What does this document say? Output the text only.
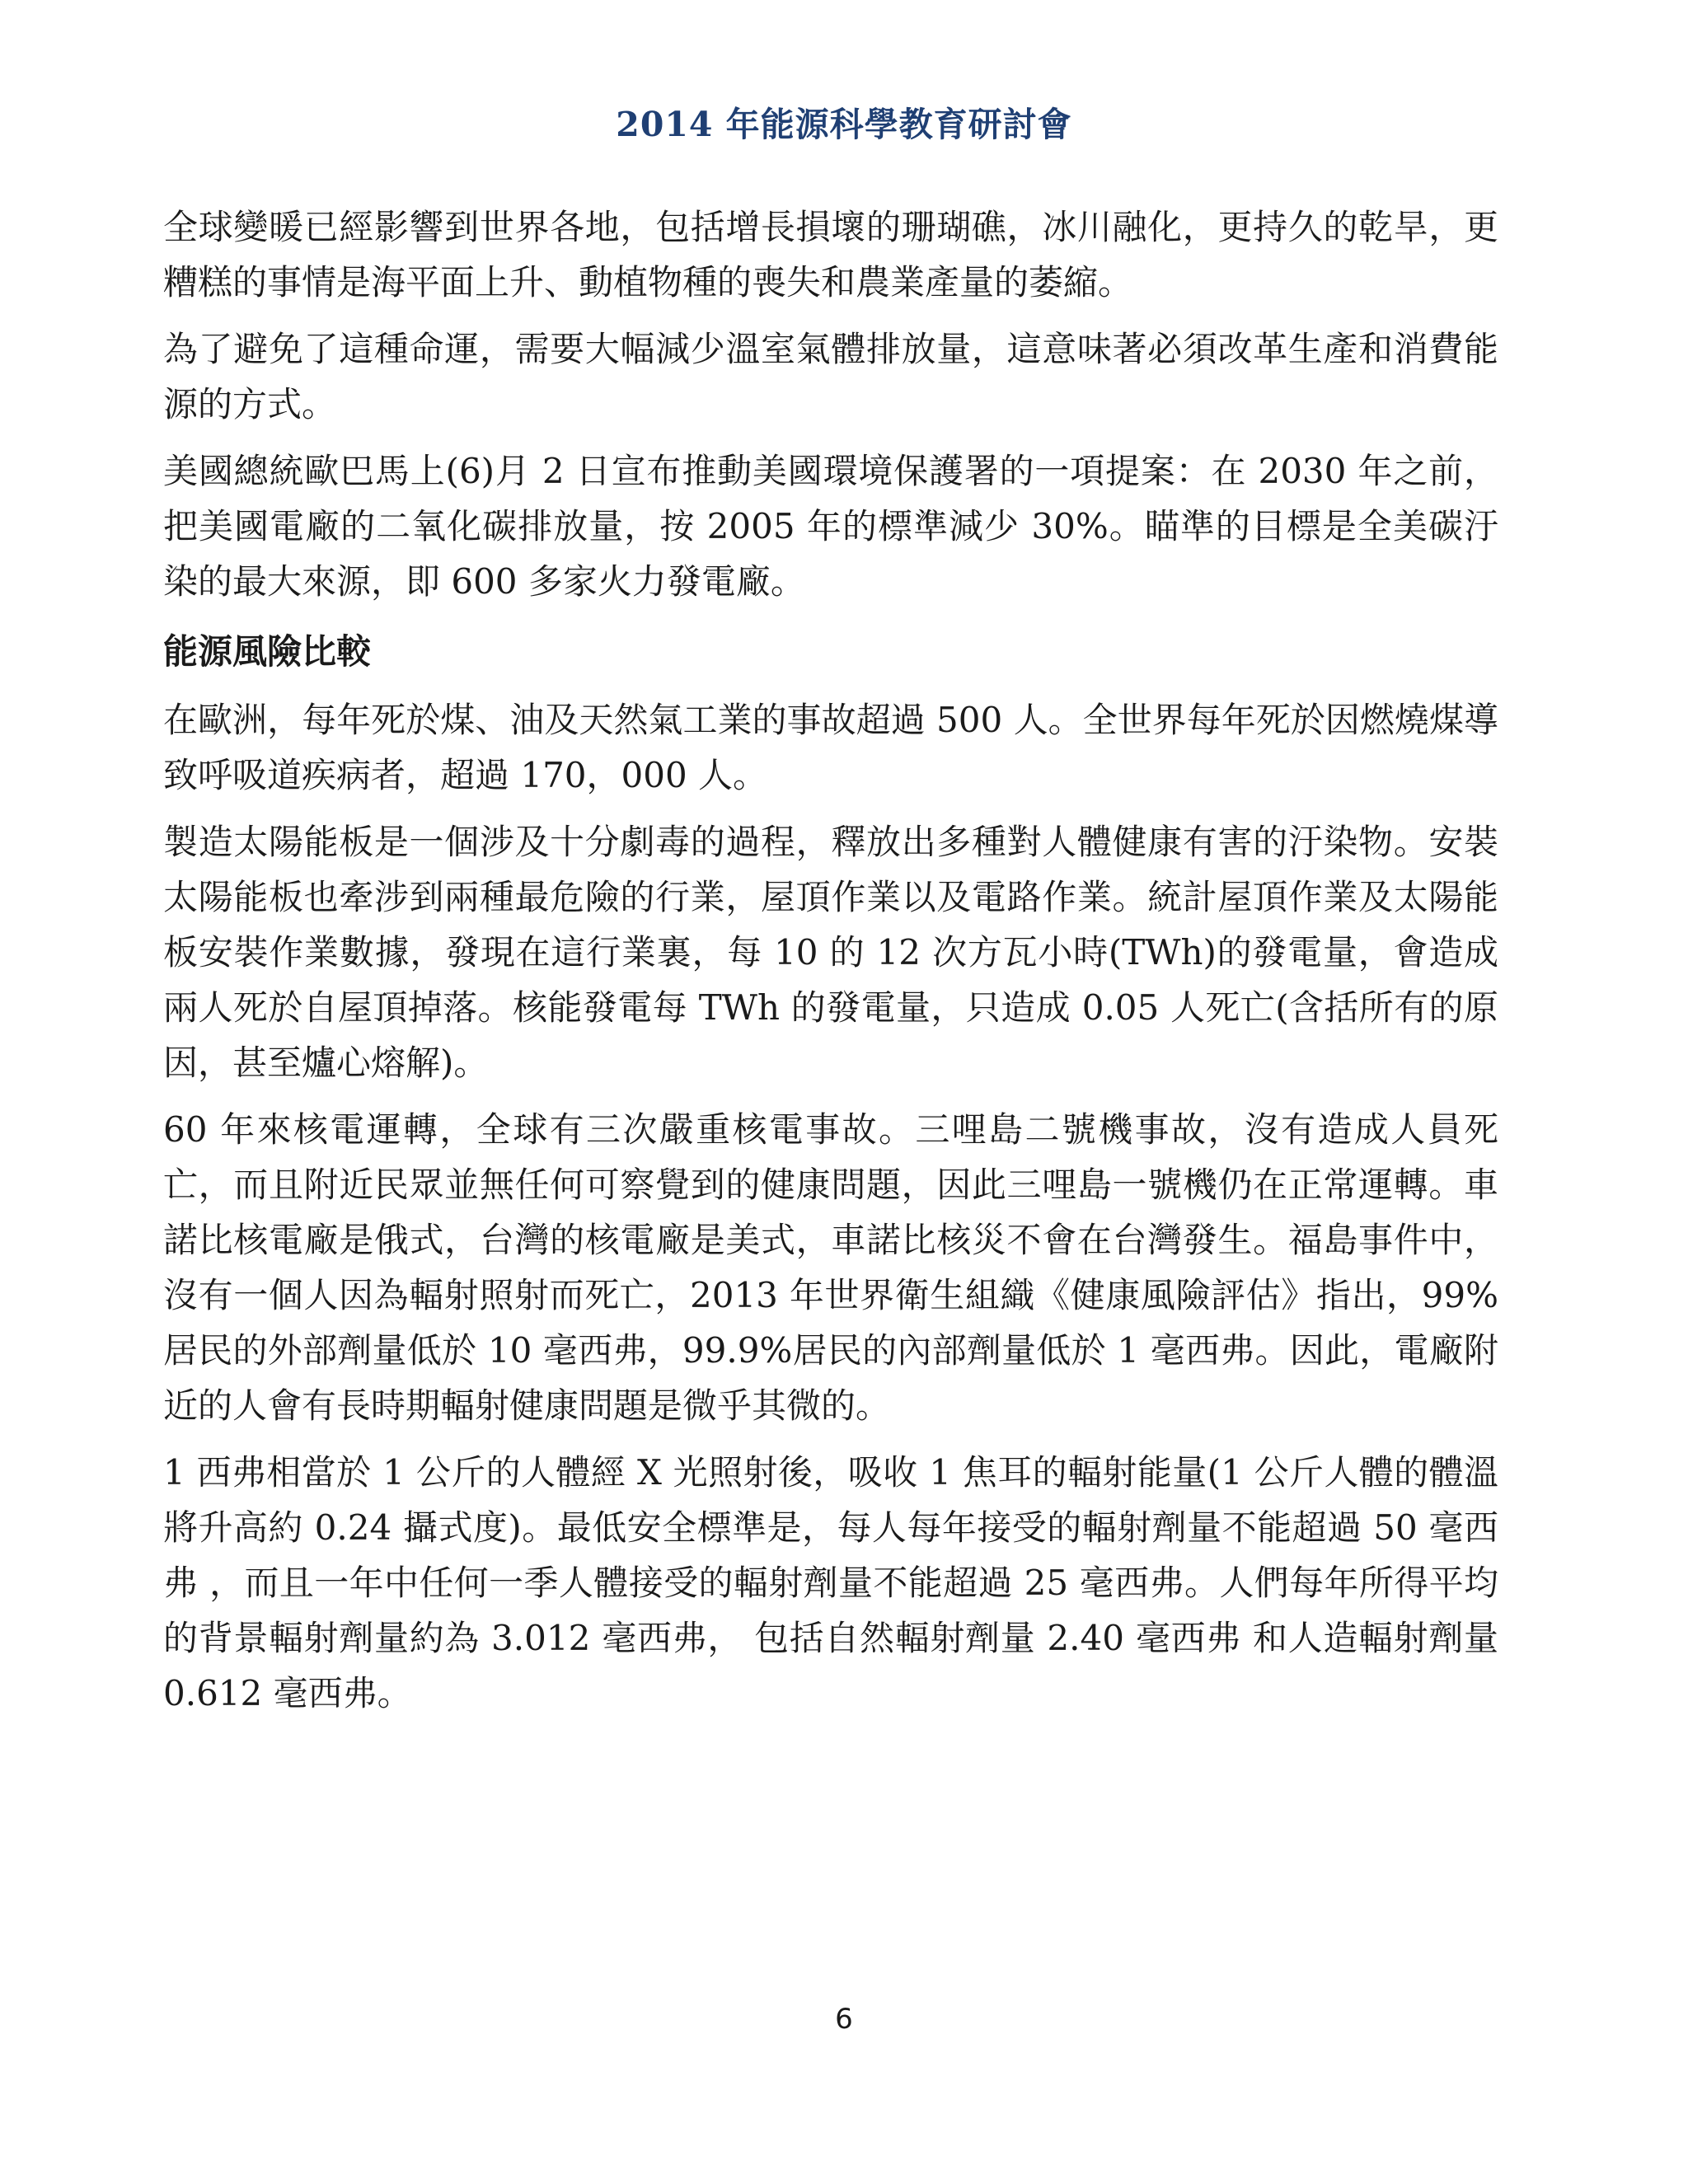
2014 年能源科學教育研討會

全球變暖已經影響到世界各地，包括增長損壞的珊瑚礁，冰川融化，更持久的乾旱，更糟糕的事情是海平面上升、動植物種的喪失和農業產量的萎縮。

為了避免了這種命運，需要大幅減少溫室氣體排放量，這意味著必須改革生產和消費能源的方式。

美國總統歐巴馬上(6)月 2 日宣布推動美國環境保護署的一項提案：在 2030 年之前，把美國電廠的二氧化碳排放量，按 2005 年的標準減少 30%。瞄準的目標是全美碳汙染的最大來源，即 600 多家火力發電廠。

能源風險比較

在歐洲，每年死於煤、油及天然氣工業的事故超過 500 人。全世界每年死於因燃燒煤導致呼吸道疾病者，超過 170，000 人。

製造太陽能板是一個涉及十分劇毒的過程，釋放出多種對人體健康有害的汙染物。安裝太陽能板也牽涉到兩種最危險的行業，屋頂作業以及電路作業。統計屋頂作業及太陽能板安裝作業數據，發現在這行業裏，每 10 的 12 次方瓦小時(TWh)的發電量，會造成兩人死於自屋頂掉落。核能發電每 TWh 的發電量，只造成 0.05 人死亡(含括所有的原因，甚至爐心熔解)。

60 年來核電運轉，全球有三次嚴重核電事故。三哩島二號機事故，沒有造成人員死亡，而且附近民眾並無任何可察覺到的健康問題，因此三哩島一號機仍在正常運轉。車諾比核電廠是俄式，台灣的核電廠是美式，車諾比核災不會在台灣發生。福島事件中，沒有一個人因為輻射照射而死亡，2013 年世界衛生組織《健康風險評估》指出，99%居民的外部劑量低於 10 毫西弗，99.9%居民的內部劑量低於 1 毫西弗。因此，電廠附近的人會有長時期輻射健康問題是微乎其微的。

1 西弗相當於 1 公斤的人體經 X 光照射後，吸收 1 焦耳的輻射能量(1 公斤人體的體溫將升高約 0.24 攝式度)。最低安全標準是，每人每年接受的輻射劑量不能超過 50 毫西弗 ，而且一年中任何一季人體接受的輻射劑量不能超過 25 毫西弗。人們每年所得平均的背景輻射劑量約為 3.012 毫西弗， 包括自然輻射劑量 2.40 毫西弗 和人造輻射劑量 0.612 毫西弗。

6
